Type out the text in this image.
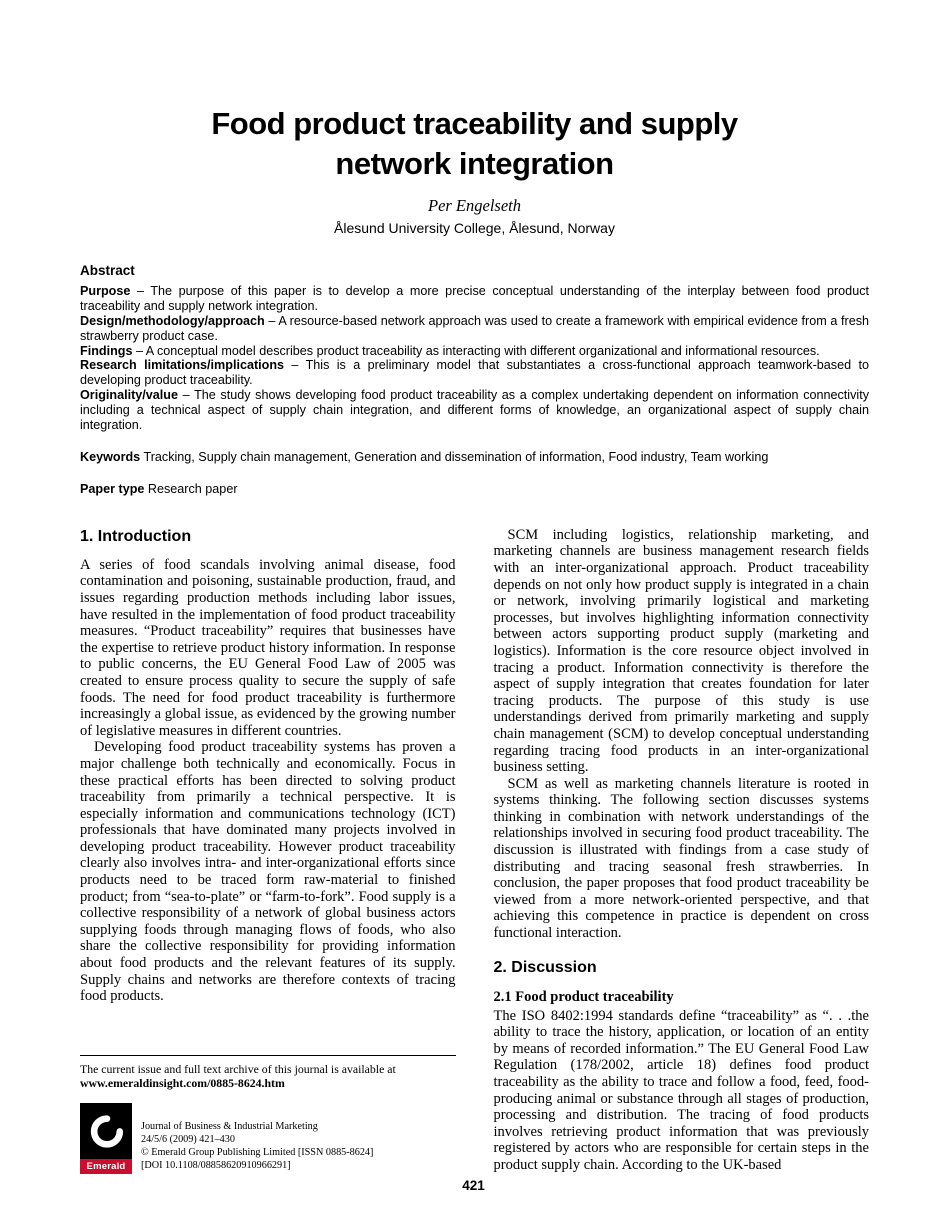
Food product traceability and supply
network integration
Per Engelseth
Ålesund University College, Ålesund, Norway
Abstract

Purpose – The purpose of this paper is to develop a more precise conceptual understanding of the interplay between food product traceability and supply network integration.

Design/methodology/approach – A resource-based network approach was used to create a framework with empirical evidence from a fresh strawberry product case.

Findings – A conceptual model describes product traceability as interacting with different organizational and informational resources.

Research limitations/implications – This is a preliminary model that substantiates a cross-functional approach teamwork-based to developing product traceability.

Originality/value – The study shows developing food product traceability as a complex undertaking dependent on information connectivity including a technical aspect of supply chain integration, and different forms of knowledge, an organizational aspect of supply chain integration.

Keywords Tracking, Supply chain management, Generation and dissemination of information, Food industry, Team working

Paper type Research paper

1. Introduction

A series of food scandals involving animal disease, food contamination and poisoning, sustainable production, fraud, and issues regarding production methods including labor issues, have resulted in the implementation of food product traceability measures. “Product traceability” requires that businesses have the expertise to retrieve product history information. In response to public concerns, the EU General Food Law of 2005 was created to ensure process quality to secure the supply of safe foods. The need for food product traceability is furthermore increasingly a global issue, as evidenced by the growing number of legislative measures in different countries.

Developing food product traceability systems has proven a major challenge both technically and economically. Focus in these practical efforts has been directed to solving product traceability from primarily a technical perspective. It is especially information and communications technology (ICT) professionals that have dominated many projects involved in developing product traceability. However product traceability clearly also involves intra- and inter-organizational efforts since products need to be traced form raw-material to finished product; from “sea-to-plate” or “farm-to-fork”. Food supply is a collective responsibility of a network of global business actors supplying foods through managing flows of foods, who also share the collective responsibility for providing information about food products and the relevant features of its supply. Supply chains and networks are therefore contexts of tracing food products.

The current issue and full text archive of this journal is available at www.emeraldinsight.com/0885-8624.htm

Emerald
Journal of Business & Industrial Marketing
24/5/6 (2009) 421–430
© Emerald Group Publishing Limited [ISSN 0885-8624]
[DOI 10.1108/08858620910966291]

SCM including logistics, relationship marketing, and marketing channels are business management research fields with an inter-organizational approach. Product traceability depends on not only how product supply is integrated in a chain or network, involving primarily logistical and marketing processes, but involves highlighting information connectivity between actors supporting product supply (marketing and logistics). Information is the core resource object involved in tracing a product. Information connectivity is therefore the aspect of supply integration that creates foundation for later tracing products. The purpose of this study is use understandings derived from primarily marketing and supply chain management (SCM) to develop conceptual understanding regarding tracing food products in an inter-organizational business setting.

SCM as well as marketing channels literature is rooted in systems thinking. The following section discusses systems thinking in combination with network understandings of the relationships involved in securing food product traceability. The discussion is illustrated with findings from a case study of distributing and tracing seasonal fresh strawberries. In conclusion, the paper proposes that food product traceability be viewed from a more network-oriented perspective, and that achieving this competence in practice is dependent on cross functional interaction.

2. Discussion
2.1 Food product traceability

The ISO 8402:1994 standards define “traceability” as “. . .the ability to trace the history, application, or location of an entity by means of recorded information.” The EU General Food Law Regulation (178/2002, article 18) defines food product traceability as the ability to trace and follow a food, feed, food-producing animal or substance through all stages of production, processing and distribution. The tracing of food products involves retrieving product information that was previously registered by actors who are responsible for certain steps in the product supply chain. According to the UK-based

421
